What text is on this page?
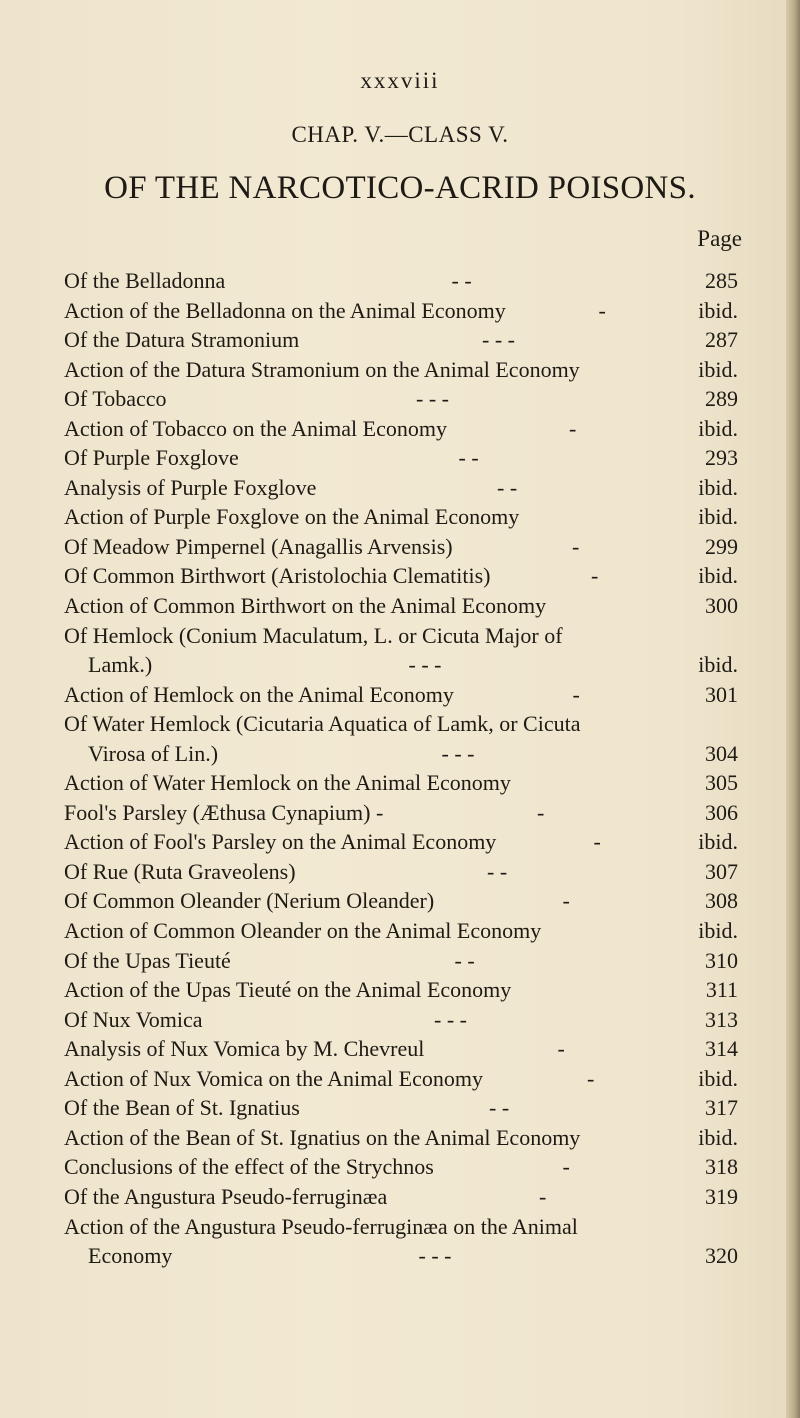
xxxviii
CHAP. V.—CLASS V.
OF THE NARCOTICO-ACRID POISONS.
Page
Of the Belladonna	- -	285
Action of the Belladonna on the Animal Economy	-	ibid.
Of the Datura Stramonium	- - -	287
Action of the Datura Stramonium on the Animal Economy	ibid.
Of Tobacco	- - -	289
Action of Tobacco on the Animal Economy	-	ibid.
Of Purple Foxglove	- -	293
Analysis of Purple Foxglove	- -	ibid.
Action of Purple Foxglove on the Animal Economy	ibid.
Of Meadow Pimpernel (Anagallis Arvensis)	-	299
Of Common Birthwort (Aristolochia Clematitis)	-	ibid.
Action of Common Birthwort on the Animal Economy	300
Of Hemlock (Conium Maculatum, L. or Cicuta Major of
Lamk.)	- - -	ibid.
Action of Hemlock on the Animal Economy	-	301
Of Water Hemlock (Cicutaria Aquatica of Lamk, or Cicuta
Virosa of Lin.)	- - -	304
Action of Water Hemlock on the Animal Economy	305
Fool's Parsley (Æthusa Cynapium) -	-	306
Action of Fool's Parsley on the Animal Economy	-	ibid.
Of Rue (Ruta Graveolens)	- -	307
Of Common Oleander (Nerium Oleander)	-	308
Action of Common Oleander on the Animal Economy	ibid.
Of the Upas Tieuté	- -	310
Action of the Upas Tieuté on the Animal Economy	311
Of Nux Vomica	- - -	313
Analysis of Nux Vomica by M. Chevreul	-	314
Action of Nux Vomica on the Animal Economy	-	ibid.
Of the Bean of St. Ignatius	- -	317
Action of the Bean of St. Ignatius on the Animal Economy	ibid.
Conclusions of the effect of the Strychnos	-	318
Of the Angustura Pseudo-ferruginæa	-	319
Action of the Angustura Pseudo-ferruginæa on the Animal
Economy	- - -	320
